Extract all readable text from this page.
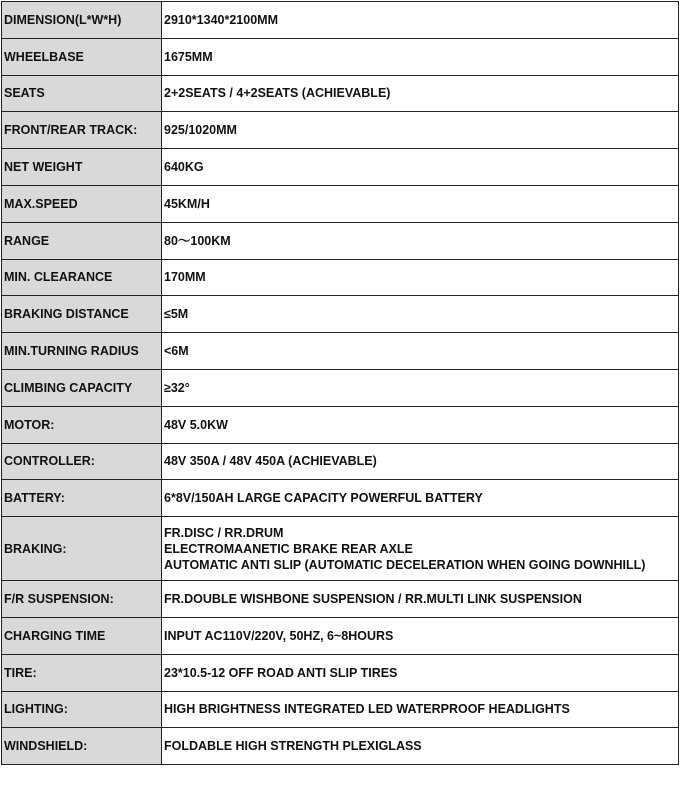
DIMENSION(L*W*H)	2910*1340*2100MM
WHEELBASE	1675MM
SEATS	2+2SEATS / 4+2SEATS (ACHIEVABLE)
FRONT/REAR TRACK:	925/1020MM
NET WEIGHT	640KG
MAX.SPEED	45KM/H
RANGE	80～100KM
MIN. CLEARANCE	170MM
BRAKING DISTANCE	≤5M
MIN.TURNING RADIUS	<6M
CLIMBING CAPACITY	≥32°
MOTOR:	48V 5.0KW
CONTROLLER:	48V 350A / 48V 450A (ACHIEVABLE)
BATTERY:	6*8V/150AH LARGE CAPACITY POWERFUL BATTERY
BRAKING:	FR.DISC / RR.DRUM
ELECTROMAANETIC BRAKE REAR AXLE
AUTOMATIC ANTI SLIP (AUTOMATIC DECELERATION WHEN GOING DOWNHILL)

F/R SUSPENSION:	FR.DOUBLE WISHBONE SUSPENSION / RR.MULTI LINK SUSPENSION
CHARGING TIME	INPUT AC110V/220V, 50HZ, 6~8HOURS
TIRE:	23*10.5-12 OFF ROAD ANTI SLIP TIRES
LIGHTING:	HIGH BRIGHTNESS INTEGRATED LED WATERPROOF HEADLIGHTS
WINDSHIELD:	FOLDABLE HIGH STRENGTH PLEXIGLASS
